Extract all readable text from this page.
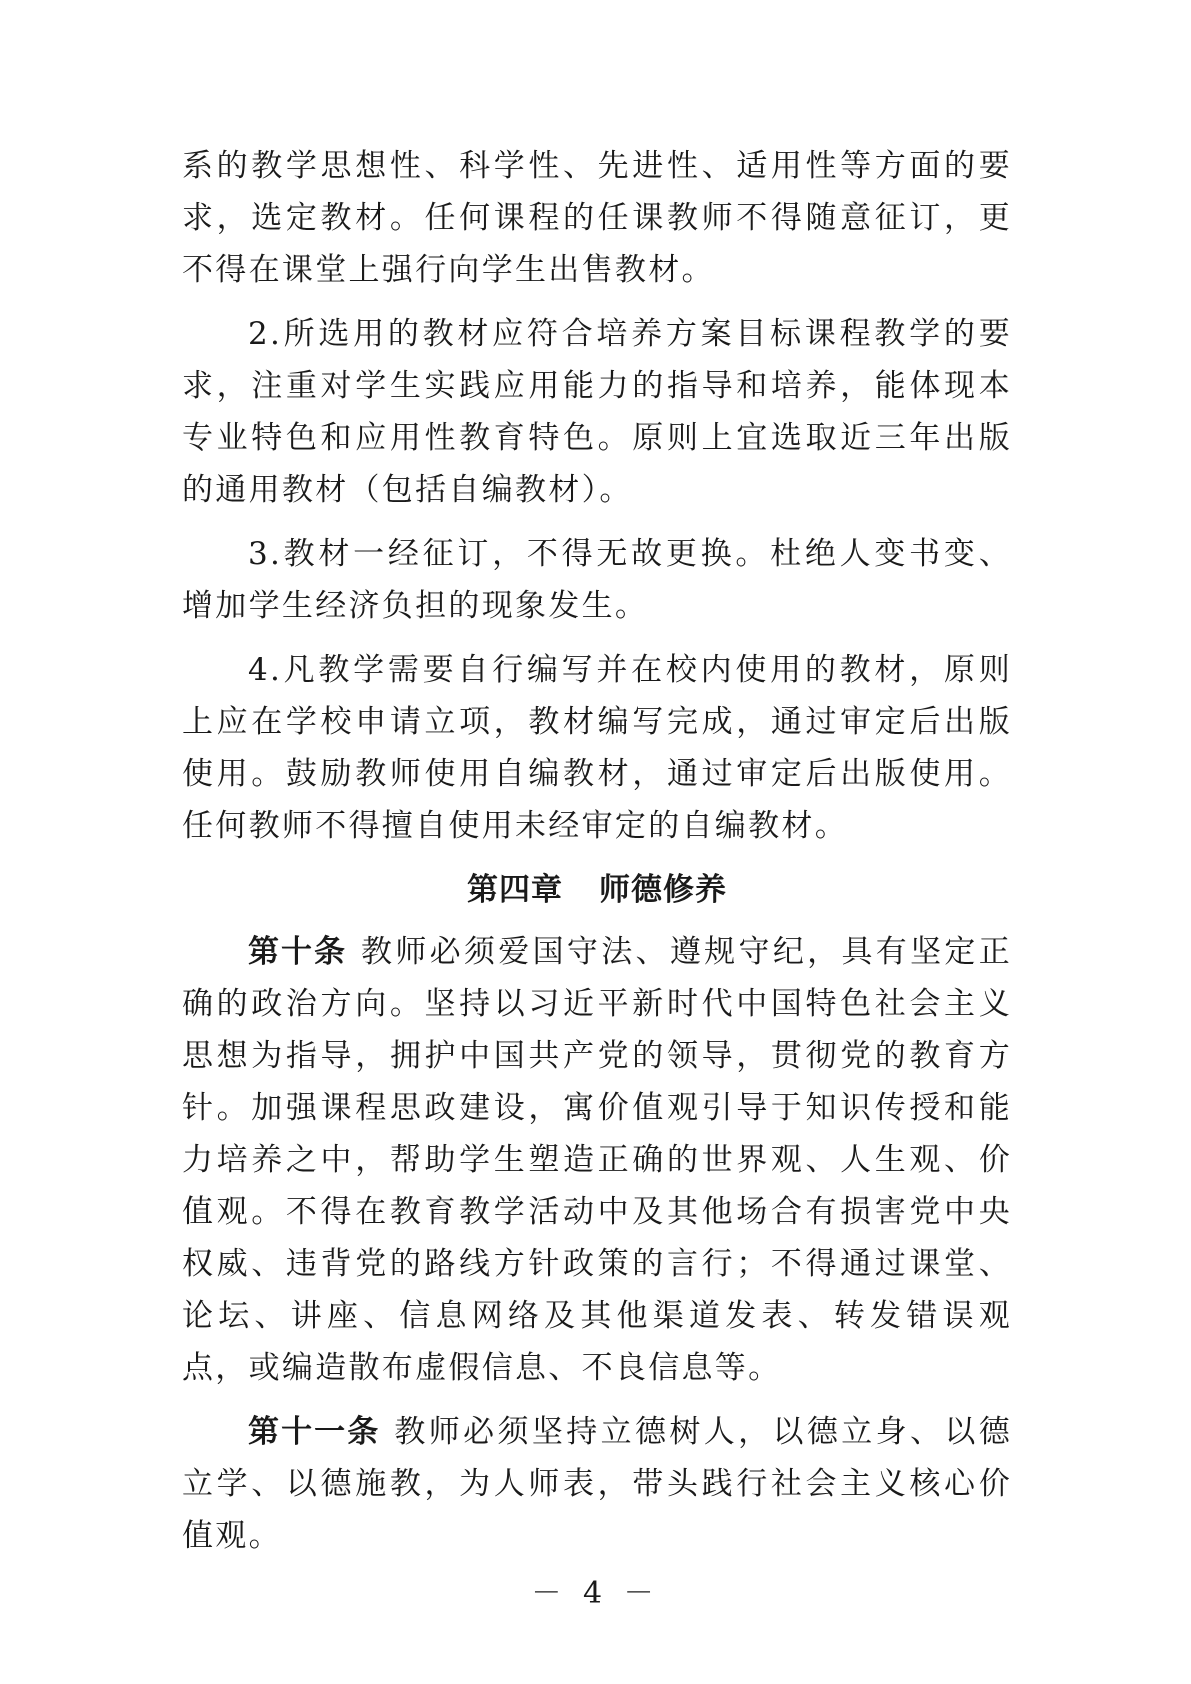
系的教学思想性、科学性、先进性、适用性等方面的要求，选定教材。任何课程的任课教师不得随意征订，更不得在课堂上强行向学生出售教材。

2.所选用的教材应符合培养方案目标课程教学的要求，注重对学生实践应用能力的指导和培养，能体现本专业特色和应用性教育特色。原则上宜选取近三年出版的通用教材（包括自编教材）。

3.教材一经征订，不得无故更换。杜绝人变书变、增加学生经济负担的现象发生。

4.凡教学需要自行编写并在校内使用的教材，原则上应在学校申请立项，教材编写完成，通过审定后出版使用。鼓励教师使用自编教材，通过审定后出版使用。任何教师不得擅自使用未经审定的自编教材。

第四章 师德修养

第十条 教师必须爱国守法、遵规守纪，具有坚定正确的政治方向。坚持以习近平新时代中国特色社会主义思想为指导，拥护中国共产党的领导，贯彻党的教育方针。加强课程思政建设，寓价值观引导于知识传授和能力培养之中，帮助学生塑造正确的世界观、人生观、价值观。不得在教育教学活动中及其他场合有损害党中央权威、违背党的路线方针政策的言行；不得通过课堂、论坛、讲座、信息网络及其他渠道发表、转发错误观点，或编造散布虚假信息、不良信息等。

第十一条 教师必须坚持立德树人，以德立身、以德立学、以德施教，为人师表，带头践行社会主义核心价值观。

－ 4 －
